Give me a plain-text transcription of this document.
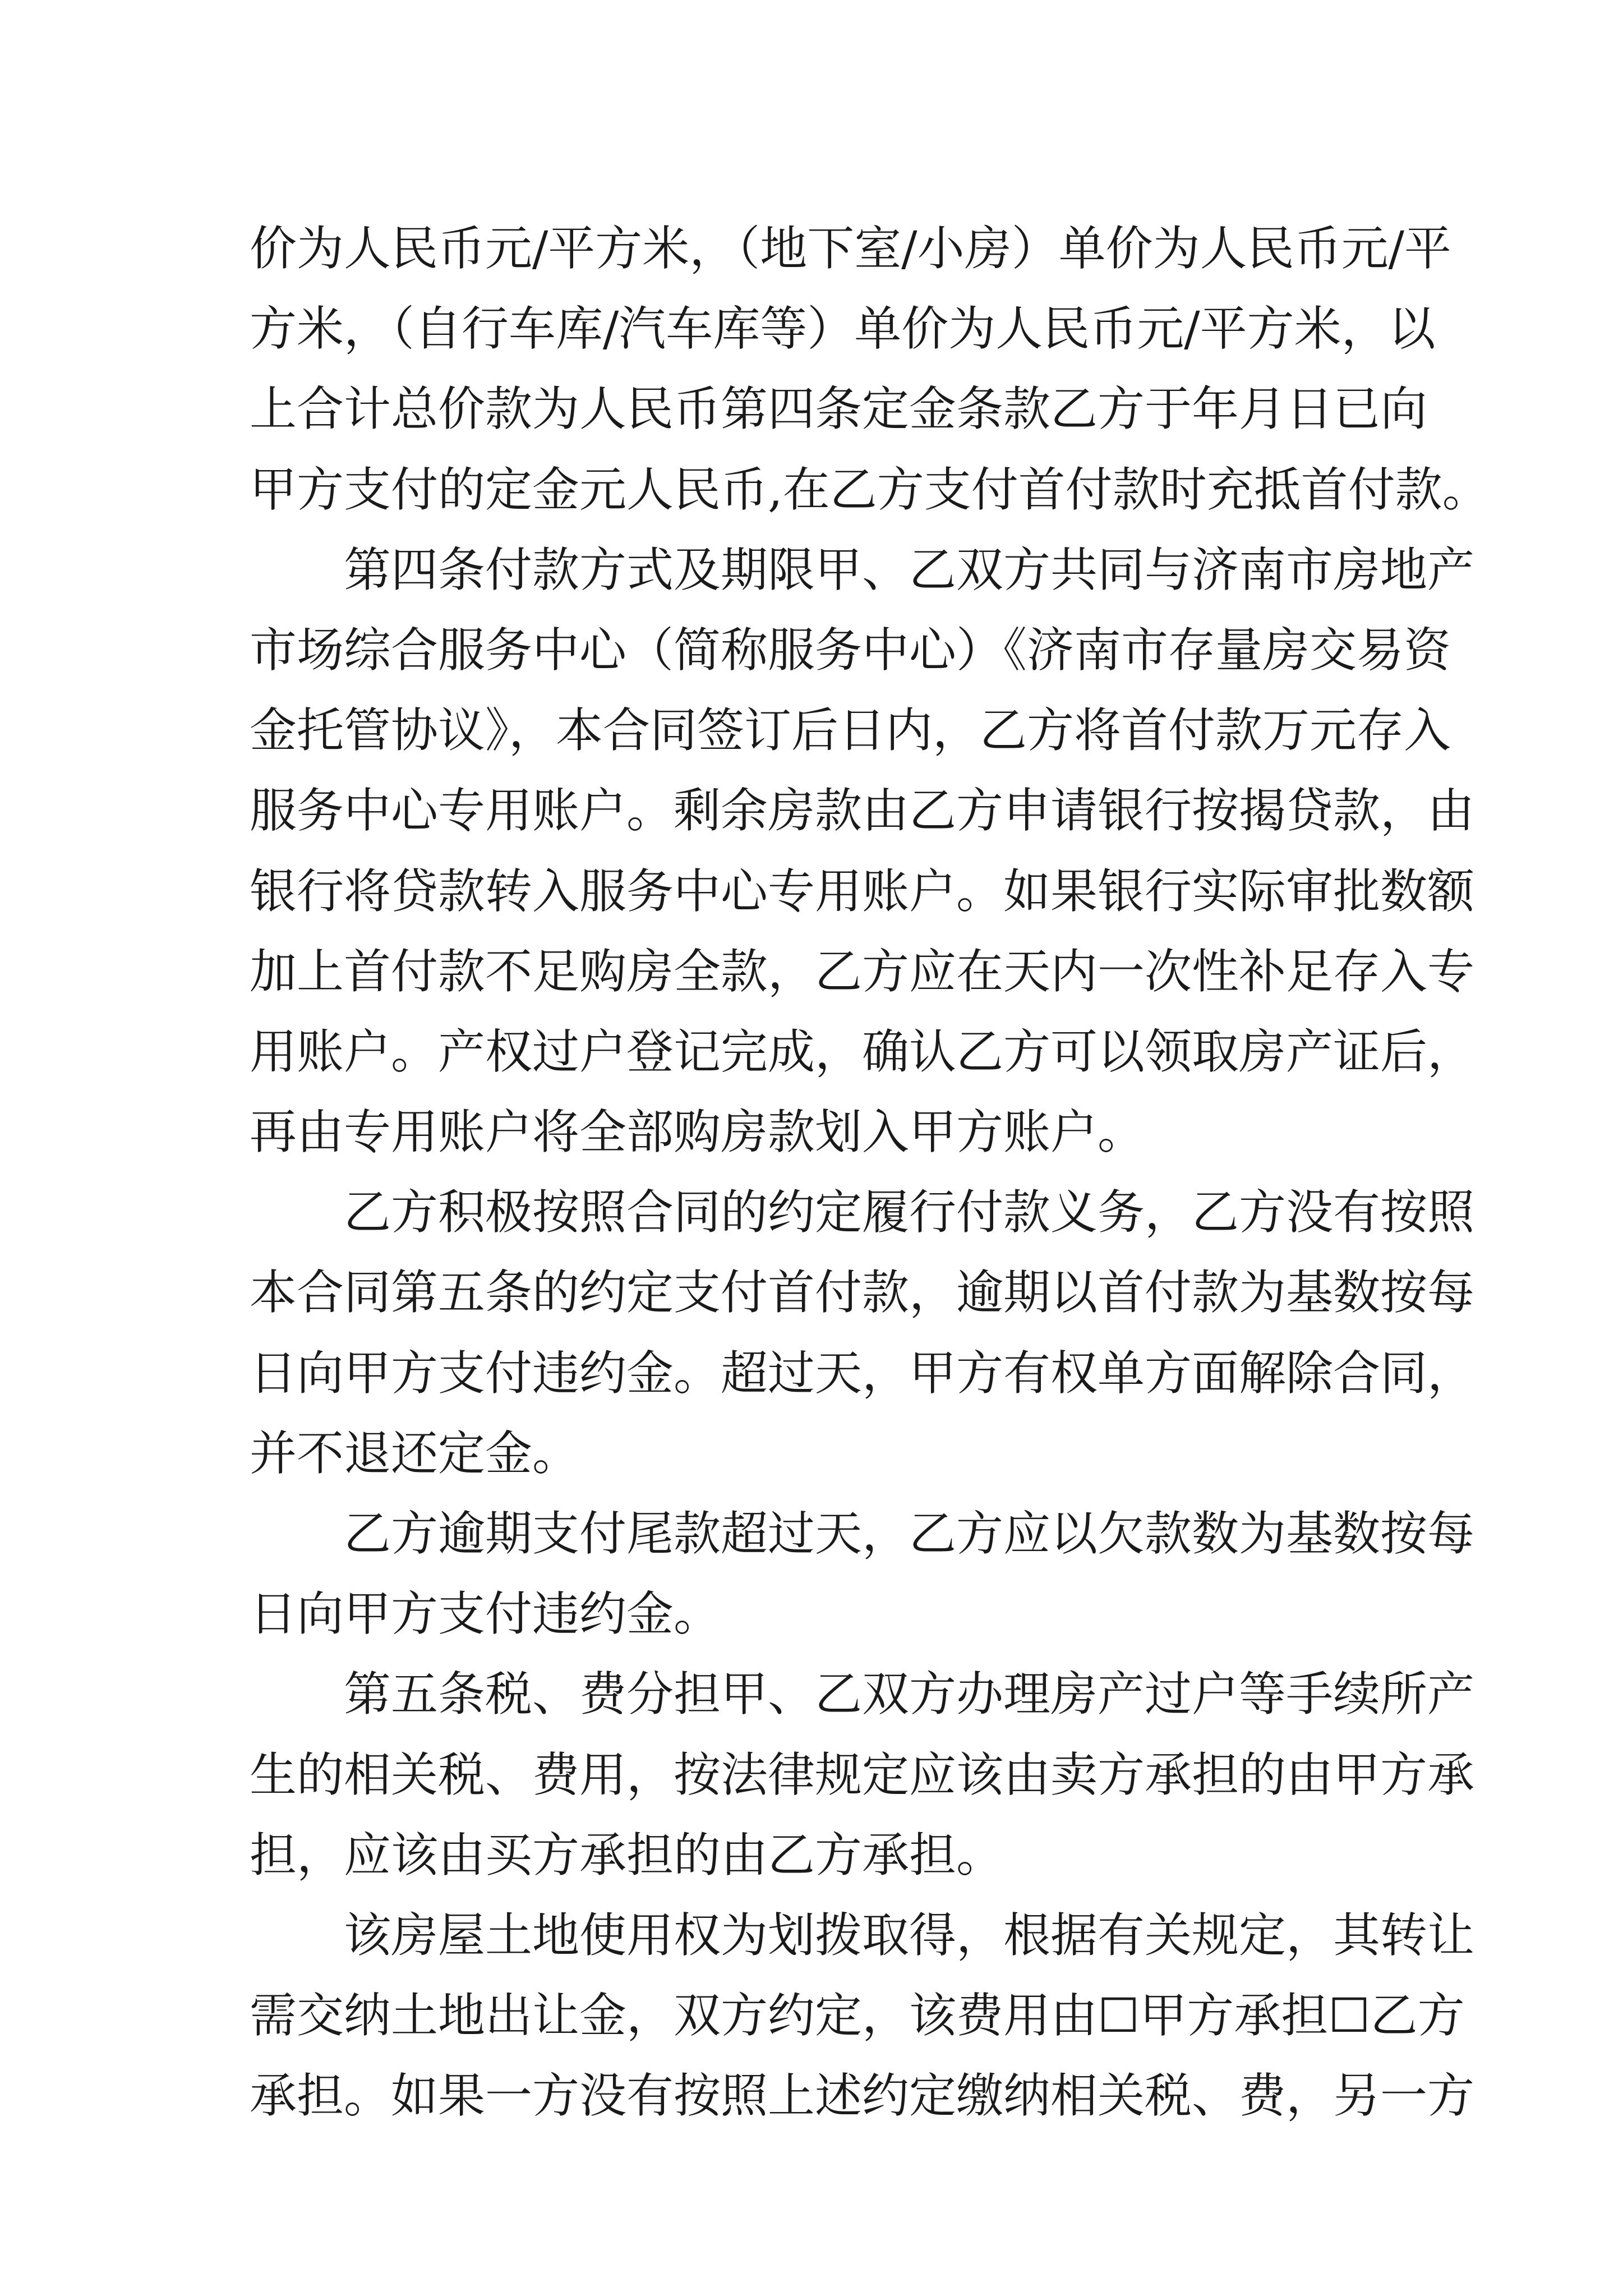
价为人民币元/平方米，（地下室/小房）单价为人民币元/平
方米，（自行车库/汽车库等）单价为人民币元/平方米，以
上合计总价款为人民币第四条定金条款乙方于年月日已向
甲方支付的定金元人民币,在乙方支付首付款时充抵首付款。
第四条付款方式及期限甲、乙双方共同与济南市房地产
市场综合服务中心（简称服务中心）《济南市存量房交易资
金托管协议》，本合同签订后日内，乙方将首付款万元存入
服务中心专用账户。剩余房款由乙方申请银行按揭贷款，由
银行将贷款转入服务中心专用账户。如果银行实际审批数额
加上首付款不足购房全款，乙方应在天内一次性补足存入专
用账户。产权过户登记完成，确认乙方可以领取房产证后，
再由专用账户将全部购房款划入甲方账户。
乙方积极按照合同的约定履行付款义务，乙方没有按照
本合同第五条的约定支付首付款，逾期以首付款为基数按每
日向甲方支付违约金。超过天，甲方有权单方面解除合同，
并不退还定金。
乙方逾期支付尾款超过天，乙方应以欠款数为基数按每
日向甲方支付违约金。
第五条税、费分担甲、乙双方办理房产过户等手续所产
生的相关税、费用，按法律规定应该由卖方承担的由甲方承
担，应该由买方承担的由乙方承担。
该房屋土地使用权为划拨取得，根据有关规定，其转让
需交纳土地出让金，双方约定，该费用由☐甲方承担☐乙方
承担。如果一方没有按照上述约定缴纳相关税、费，另一方
